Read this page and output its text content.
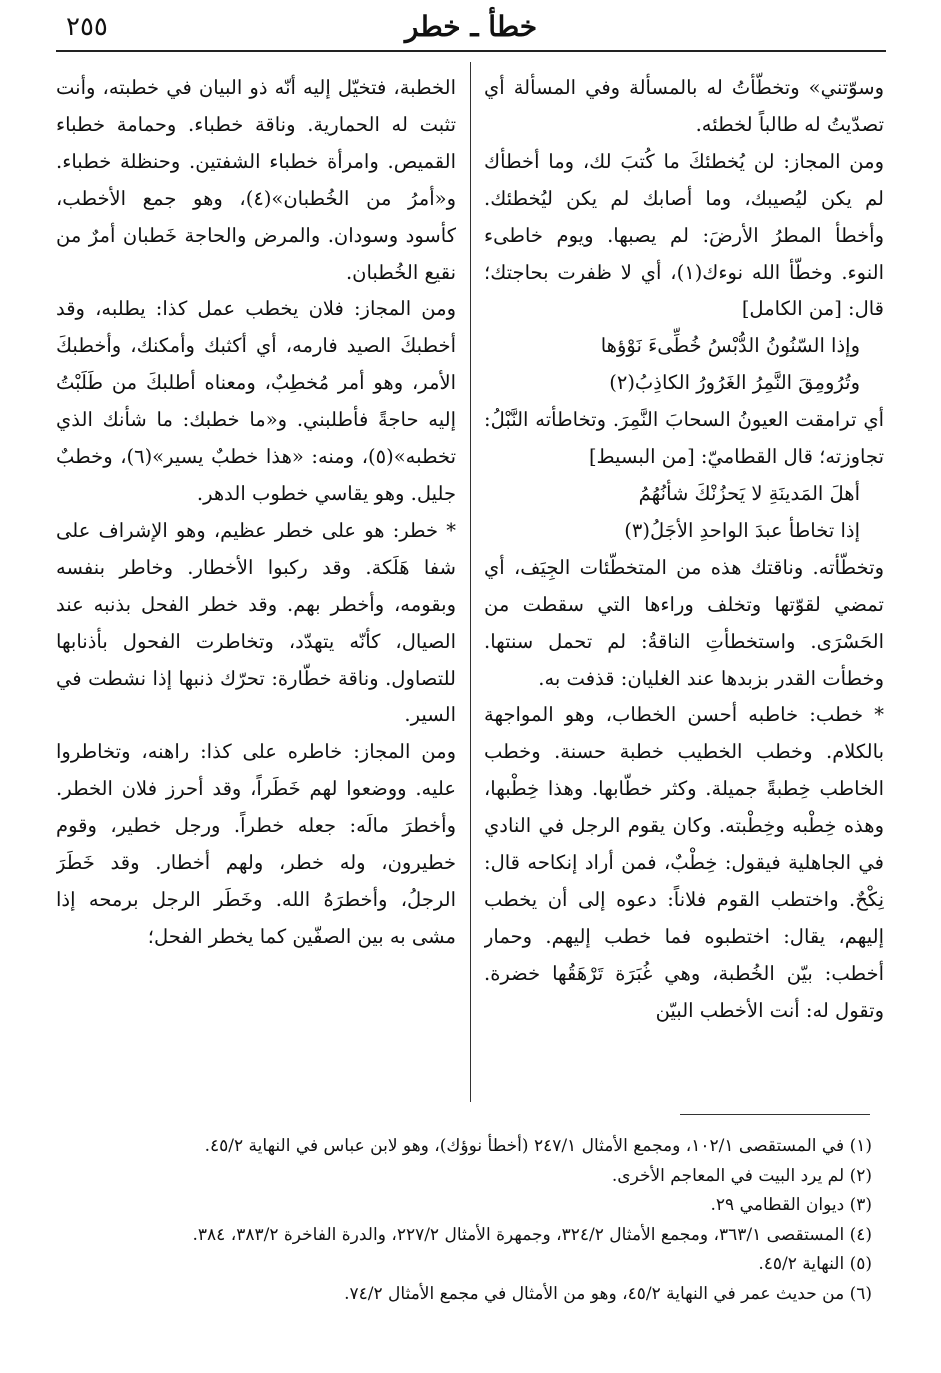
٢٥٥	خطأ ـ خطر

وسوّتني» وتخطّأتُ له بالمسألة وفي المسألة أي تصدّيتُ له طالباً لخطئه.

ومن المجاز: لن يُخطئكَ ما كُتبَ لك، وما أخطأك لم يكن ليُصيبك، وما أصابك لم يكن ليُخطئك. وأخطأ المطرُ الأرضَ: لم يصبها. ويوم خاطىء النوء. وخطّأ الله نوءك(١)، أي لا ظفرت بحاجتك؛ قال: [من الكامل]

وإذا السّنُونُ الدُّبْسُ خُطِّىءَ نَوْؤها

وتُرُومِقَ النَّمِرُ الغَرُورُ الكاذِبُ(٢)

أي ترامقت العيونُ السحابَ النَّمِرَ. وتخاطأته النَّبْلُ: تجاوزته؛ قال القطاميّ: [من البسيط]

أهلَ المَدينَةِ لا يَحزُنْكَ شأنُهُمُ

إذا تخاطأ عبدَ الواحدِ الأجَلُ(٣)

وتخطّأته. وناقتك هذه من المتخطّئات الجِيَف، أي تمضي لقوّتها وتخلف وراءها التي سقطت من الحَسْرَى. واستخطأتِ الناقةُ: لم تحمل سنتها. وخطأت القدر بزبدها عند الغليان: قذفت به.

* خطب: خاطبه أحسن الخطاب، وهو المواجهة بالكلام. وخطب الخطيب خطبة حسنة. وخطب الخاطب خِطبةً جميلة. وكثر خطّابها. وهذا خِطْبها، وهذه خِطْبه وخِطْبته. وكان يقوم الرجل في النادي في الجاهلية فيقول: خِطْبٌ، فمن أراد إنكاحه قال: نِكْحٌ. واختطب القوم فلاناً: دعوه إلى أن يخطب إليهم، يقال: اختطبوه فما خطب إليهم. وحمار أخطب: بيّن الخُطبة، وهي غُبَرَة تَرْهَقُها خضرة. وتقول له: أنت الأخطب البيّن

الخطبة، فتخيّل إليه أنّه ذو البيان في خطبته، وأنت تثبت له الحمارية. وناقة خطباء. وحمامة خطباء القميص. وامرأة خطباء الشفتين. وحنظلة خطباء. و«أمرُ من الخُطبان»(٤)، وهو جمع الأخطب، كأسود وسودان. والمرض والحاجة خَطبان أمرٌ من نقيع الخُطبان.

ومن المجاز: فلان يخطب عمل كذا: يطلبه، وقد أخطبكَ الصيد فارمه، أي أكثبك وأمكنك، وأخطبكَ الأمر، وهو أمر مُخطِبٌ، ومعناه أطلبكَ من طَلَبْتُ إليه حاجةً فأطلبني. و«ما خطبك: ما شأنك الذي تخطبه»(٥)، ومنه: «هذا خطبٌ يسير»(٦)، وخطبٌ جليل. وهو يقاسي خطوب الدهر.

* خطر: هو على خطر عظيم، وهو الإشراف على شفا هَلَكة. وقد ركبوا الأخطار. وخاطر بنفسه وبقومه، وأخطر بهم. وقد خطر الفحل بذنبه عند الصيال، كأنّه يتهدّد، وتخاطرت الفحول بأذنابها للتصاول. وناقة خطّارة: تحرّك ذنبها إذا نشطت في السير.

ومن المجاز: خاطره على كذا: راهنه، وتخاطروا عليه. ووضعوا لهم خَطَراً، وقد أحرز فلان الخطر. وأخطرَ مالَه: جعله خطراً. ورجل خطير، وقوم خطيرون، وله خطر، ولهم أخطار. وقد خَطَرَ الرجلُ، وأخطرَهُ الله. وخَطَر الرجل برمحه إذا مشى به بين الصفّين كما يخطر الفحل؛

(١) في المستقصى ١٠٢/١، ومجمع الأمثال ٢٤٧/١ (أخطأ نوؤك)، وهو لابن عباس في النهاية ٤٥/٢.

(٢) لم يرد البيت في المعاجم الأخرى.

(٣) ديوان القطامي ٢٩.

(٤) المستقصى ٣٦٣/١، ومجمع الأمثال ٣٢٤/٢، وجمهرة الأمثال ٢٢٧/٢، والدرة الفاخرة ٣٨٣/٢، ٣٨٤.

(٥) النهاية ٤٥/٢.

(٦) من حديث عمر في النهاية ٤٥/٢، وهو من الأمثال في مجمع الأمثال ٧٤/٢.
